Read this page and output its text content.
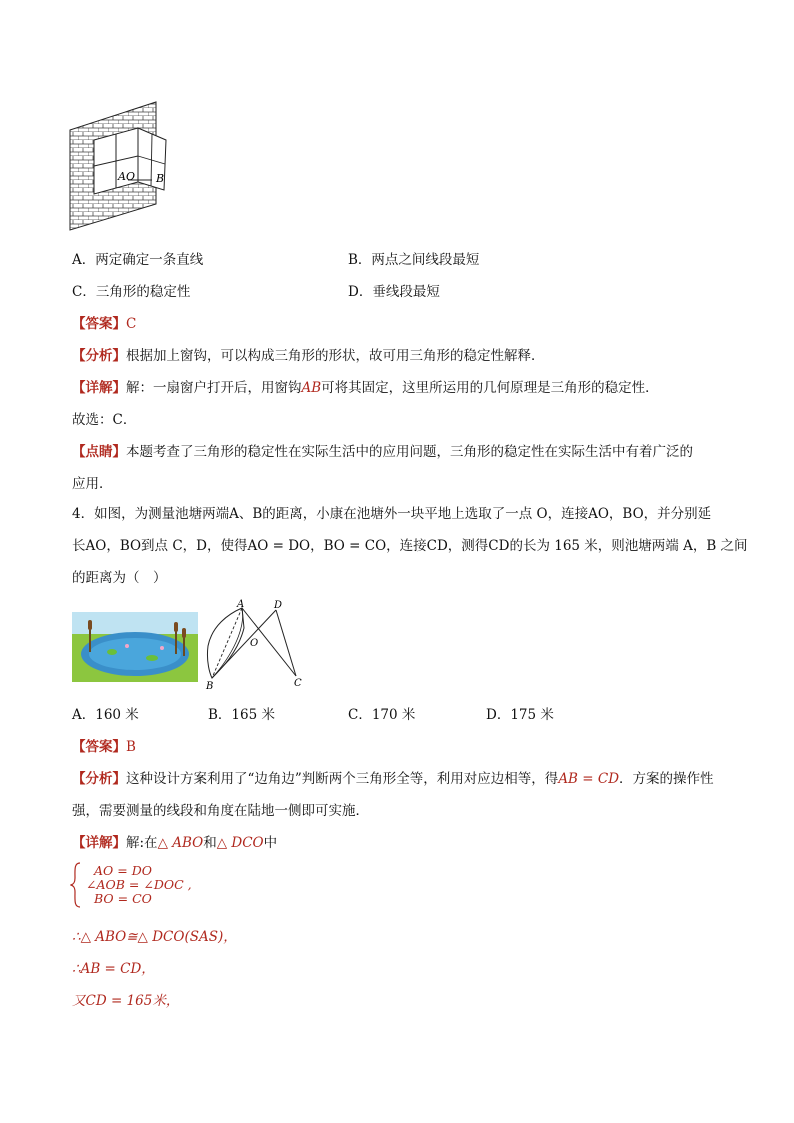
AO B
A．两定确定一条直线	B．两点之间线段最短
C．三角形的稳定性	D．垂线段最短
【答案】C
【分析】根据加上窗钩，可以构成三角形的形状，故可用三角形的稳定性解释．
【详解】解：一扇窗户打开后，用窗钩AB可将其固定，这里所运用的几何原理是三角形的稳定性．
故选：C．
【点睛】本题考查了三角形的稳定性在实际生活中的应用问题，三角形的稳定性在实际生活中有着广泛的
应用．
4．如图，为测量池塘两端A、B的距离，小康在池塘外一块平地上选取了一点 O，连接AO，BO，并分别延
长AO，BO到点 C，D，使得AO = DO，BO = CO，连接CD，测得CD的长为 165 米，则池塘两端 A，B 之间
的距离为（　）
A	D
O
B	C
A．160 米	B．165 米	C．170 米	D．175 米
【答案】B
【分析】这种设计方案利用了“边角边”判断两个三角形全等，利用对应边相等，得AB = CD．方案的操作性
强，需要测量的线段和角度在陆地一侧即可实施．
【详解】解:在△ ABO和△ DCO中
AO = DO
∠AOB = ∠DOC ,
BO = CO
∴△ ABO≅△ DCO(SAS)，
∴AB = CD，
又CD = 165米，
